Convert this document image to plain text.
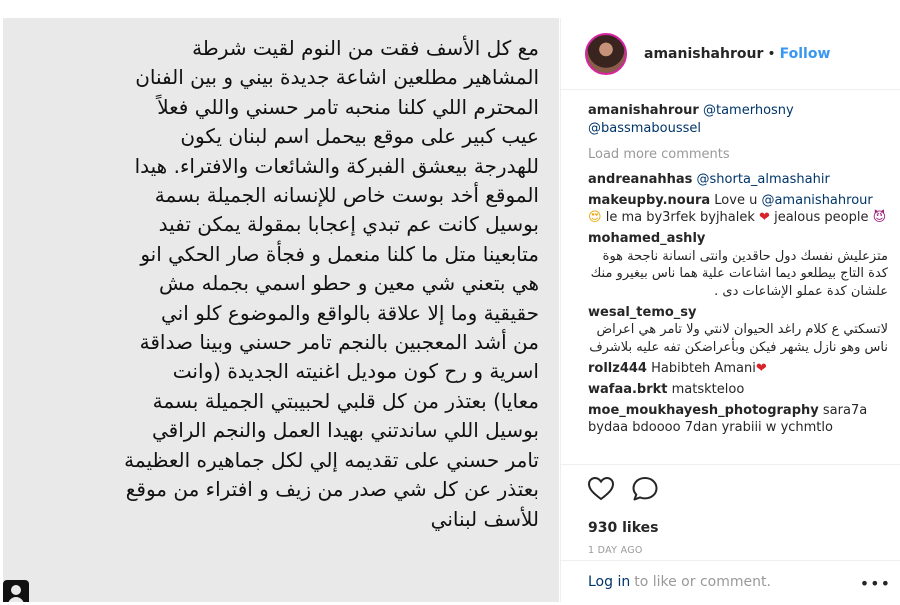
مع كل الأسف فقت من النوم لقيت شرطة
المشاهير مطلعين اشاعة جديدة بيني و بين الفنان
المحترم اللي كلنا منحبه تامر حسني واللي فعلاً
عيب كبير على موقع بيحمل اسم لبنان يكون
للهدرجة بيعشق الفبركة والشائعات والافتراء. هيدا
الموقع أخد بوست خاص للإنسانه الجميلة بسمة
بوسيل كانت عم تبدي إعجابا بمقولة يمكن تفيد
متابعينا متل ما كلنا منعمل و فجأة صار الحكي انو
هي بتعني شي معين و حطو اسمي بجمله مش
حقيقية وما إلا علاقة بالواقع والموضوع كلو اني
من أشد المعجبين بالنجم تامر حسني وبينا صداقة
اسرية و رح كون موديل اغنيته الجديدة (وانت
معايا) بعتذر من كل قلبي لحبيبتي الجميلة بسمة
بوسيل اللي ساندتني بهيدا العمل والنجم الراقي
تامر حسني على تقديمه إلي لكل جماهيره العظيمة
بعتذر عن كل شي صدر من زيف و افتراء من موقع
للأسف لبناني
amanishahrour • Follow
amanishahrour @tamerhosny
@bassmaboussel
Load more comments
andreanahhas @shorta_almashahir
makeupby.noura Love u @amanishahrour
😍 le ma by3rfek byjhalek ❤ jealous people 😈
mohamed_ashly
متزعليش نفسك دول حاقدين وانتى انسانة ناجحة هوة كدة التاج بيطلعو ديما اشاعات علية هما ناس بيغيرو منك علشان كدة عملو الإشاعات دى .
wesal_temo_sy
لاتسكتي ع كلام راغد الحيوان لانتي ولا تامر هي اعراض ناس وهو نازل يشهر فيكن وبأعراضكن تفه عليه بلاشرف
rollz444 Habibteh Amani❤
wafaa.brkt matskteloo
moe_moukhayesh_photography sara7a bydaa bdoooo 7dan yrabiii w ychmtlo
930 likes
1 DAY AGO
Log in to like or comment.	•••
